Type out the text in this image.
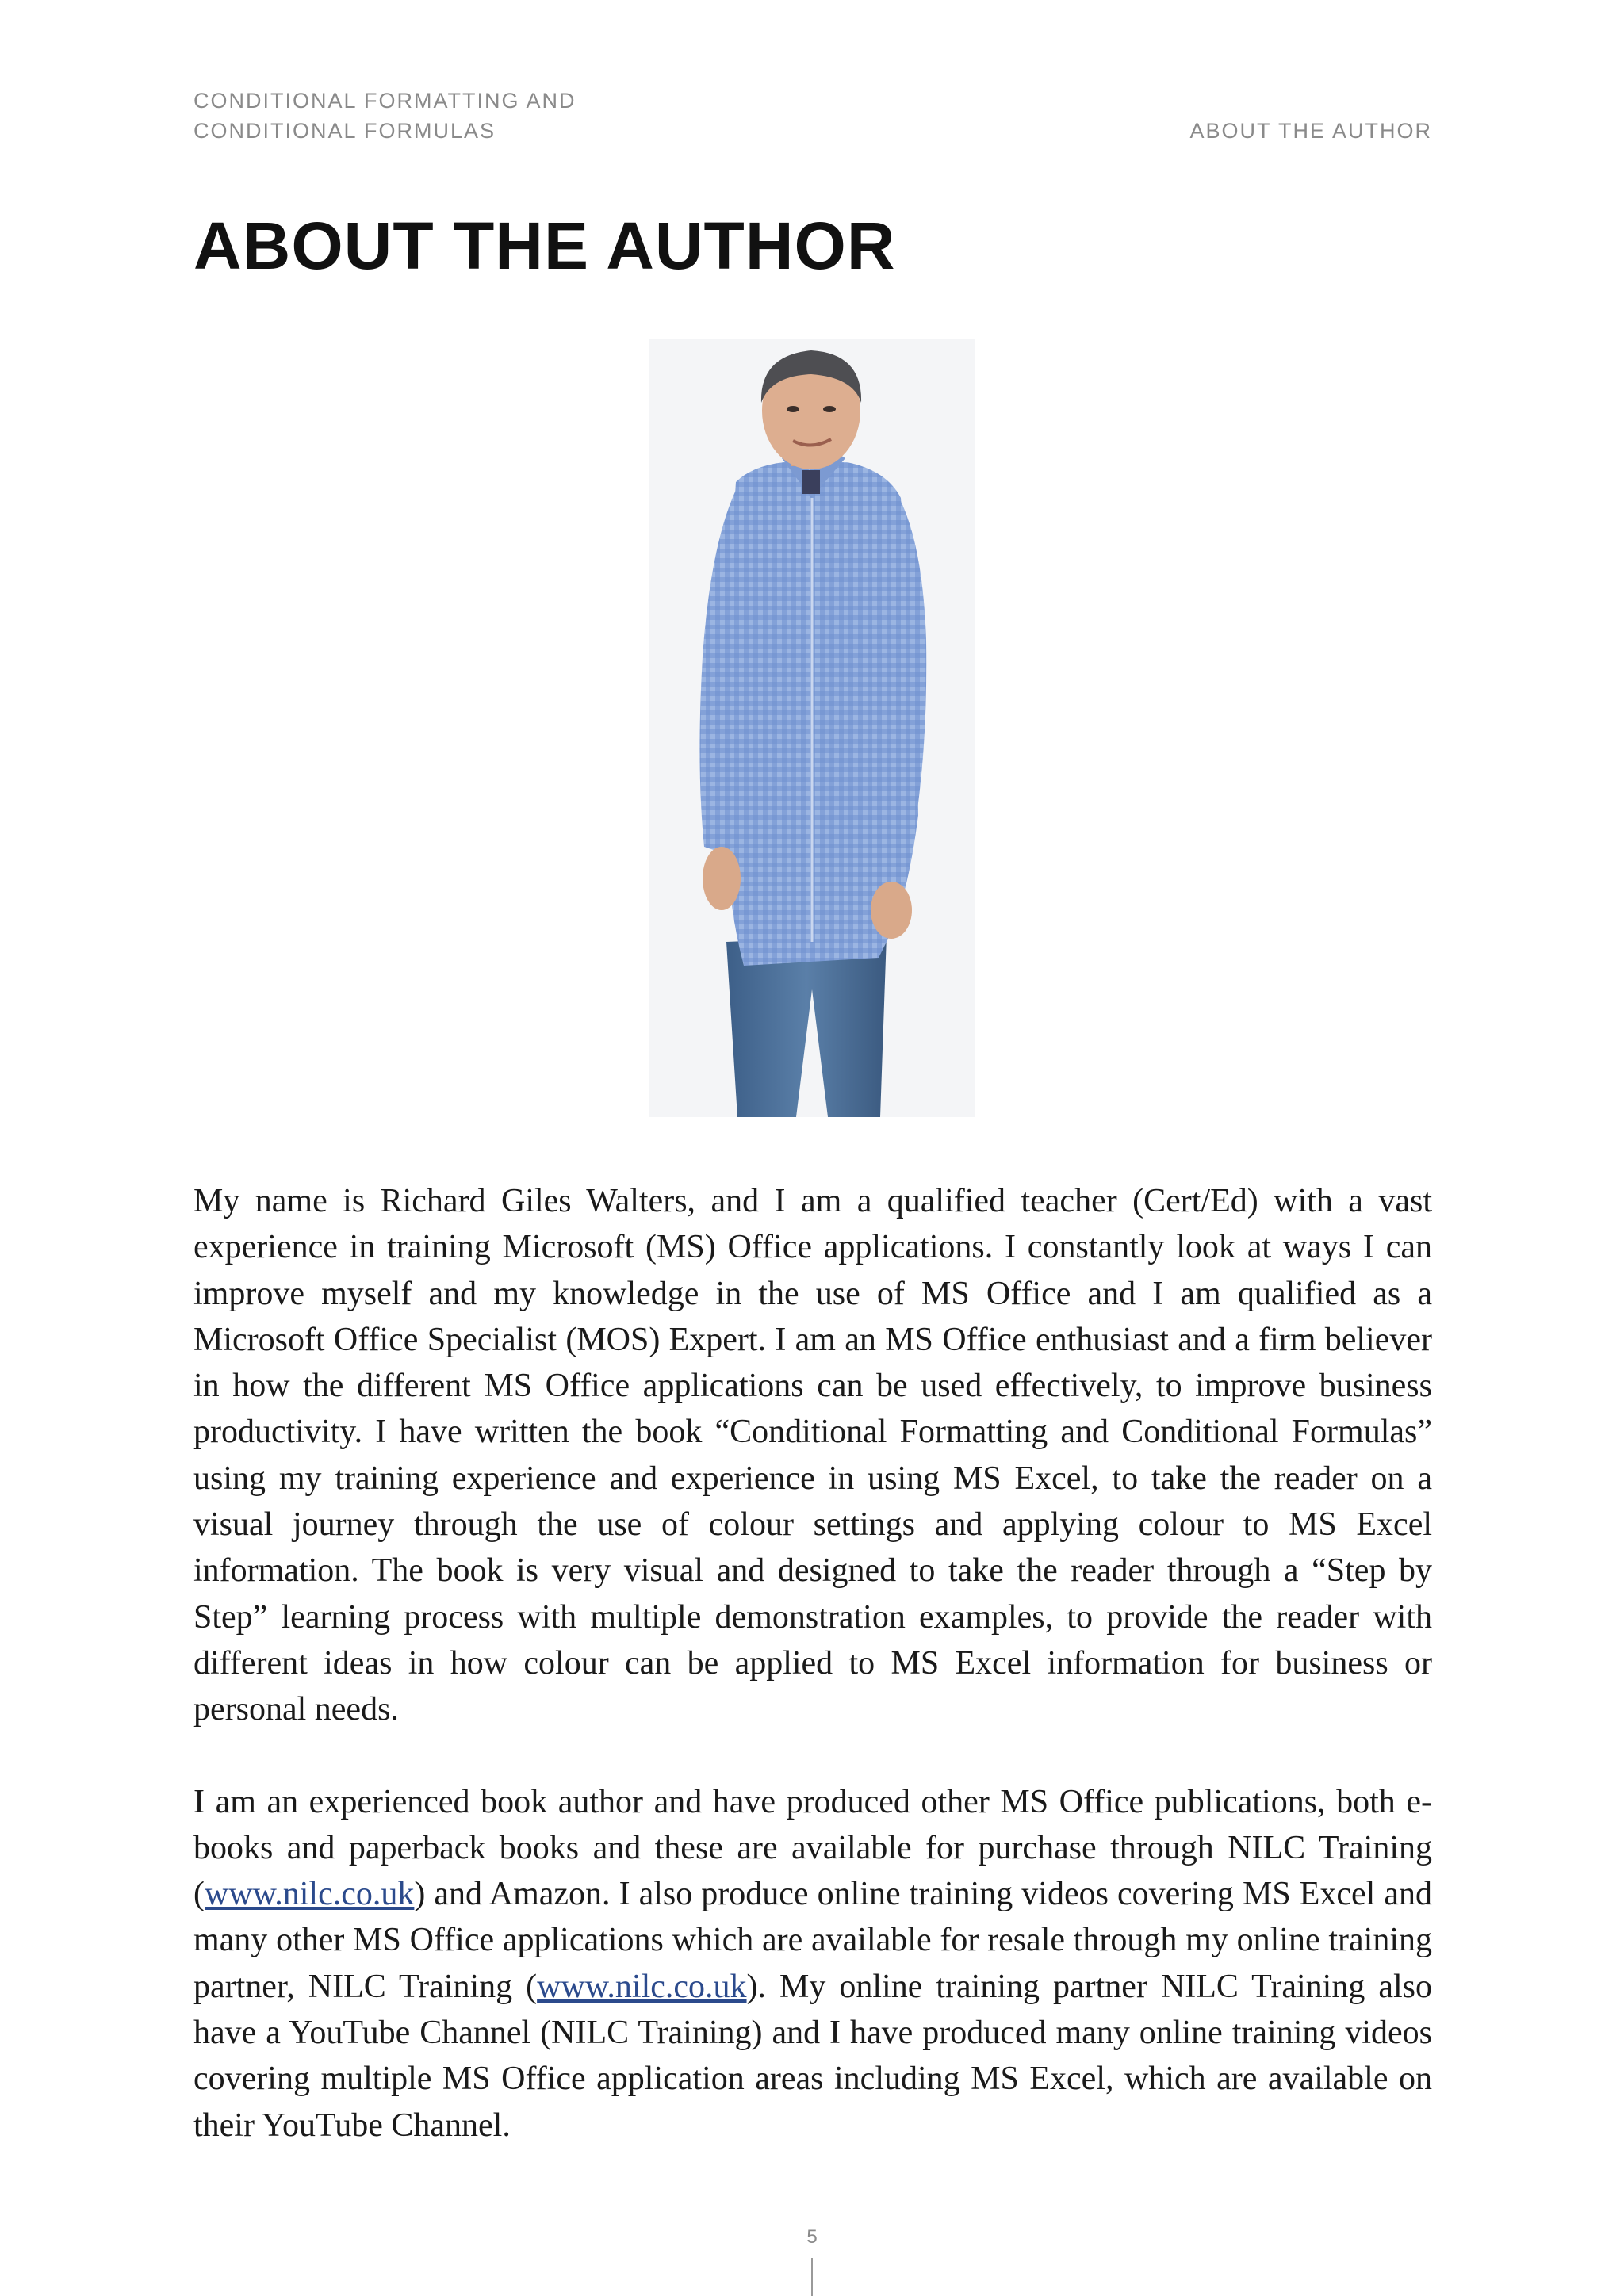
CONDITIONAL FORMATTING AND
CONDITIONAL FORMULAS	ABOUT THE AUTHOR
ABOUT THE AUTHOR

My name is Richard Giles Walters, and I am a qualified teacher (Cert/Ed) with a vast experience in training Microsoft (MS) Office applications. I constantly look at ways I can improve myself and my knowledge in the use of MS Office and I am qualified as a Microsoft Office Specialist (MOS) Expert. I am an MS Office enthusiast and a firm believer in how the different MS Office applications can be used effectively, to improve business productivity. I have written the book “Conditional Formatting and Conditional Formulas” using my training experience and experience in using MS Excel, to take the reader on a visual journey through the use of colour settings and applying colour to MS Excel information. The book is very visual and designed to take the reader through a “Step by Step” learning process with multiple demonstration examples, to provide the reader with different ideas in how colour can be applied to MS Excel information for business or personal needs.

I am an experienced book author and have produced other MS Office publications, both e-books and paperback books and these are available for purchase through NILC Training (www.nilc.co.uk) and Amazon. I also produce online training videos covering MS Excel and many other MS Office applications which are available for resale through my online training partner, NILC Training (www.nilc.co.uk). My online training partner NILC Training also have a YouTube Channel (NILC Training) and I have produced many online training videos covering multiple MS Office application areas including MS Excel, which are available on their YouTube Channel.

5
